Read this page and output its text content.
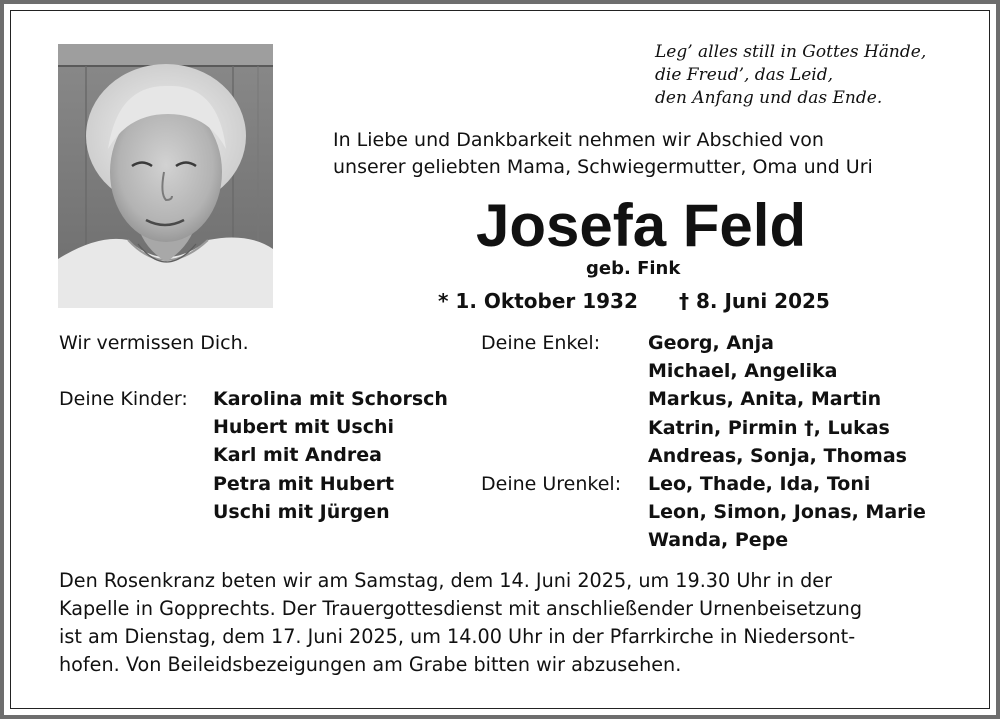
Leg’ alles still in Gottes Hände,
die Freud’, das Leid,
den Anfang und das Ende.
In Liebe und Dankbarkeit nehmen wir Abschied von
unserer geliebten Mama, Schwiegermutter, Oma und Uri
Josefa Feld
geb. Fink
* 1. Oktober 1932 † 8. Juni 2025
Wir vermissen Dich.
Deine Kinder: Karolina mit Schorsch
Hubert mit Uschi
Karl mit Andrea
Petra mit Hubert
Uschi mit Jürgen
Deine Enkel:	Georg, Anja
Michael, Angelika
Markus, Anita, Martin
Katrin, Pirmin †, Lukas
Andreas, Sonja, Thomas
Deine Urenkel: Leo, Thade, Ida, Toni
Leon, Simon, Jonas, Marie
Wanda, Pepe
Den Rosenkranz beten wir am Samstag, dem 14. Juni 2025, um 19.30 Uhr in der
Kapelle in Gopprechts. Der Trauergottesdienst mit anschließender Urnenbeisetzung
ist am Dienstag, dem 17. Juni 2025, um 14.00 Uhr in der Pfarrkirche in Niedersont-
hofen. Von Beileidsbezeigungen am Grabe bitten wir abzusehen.
